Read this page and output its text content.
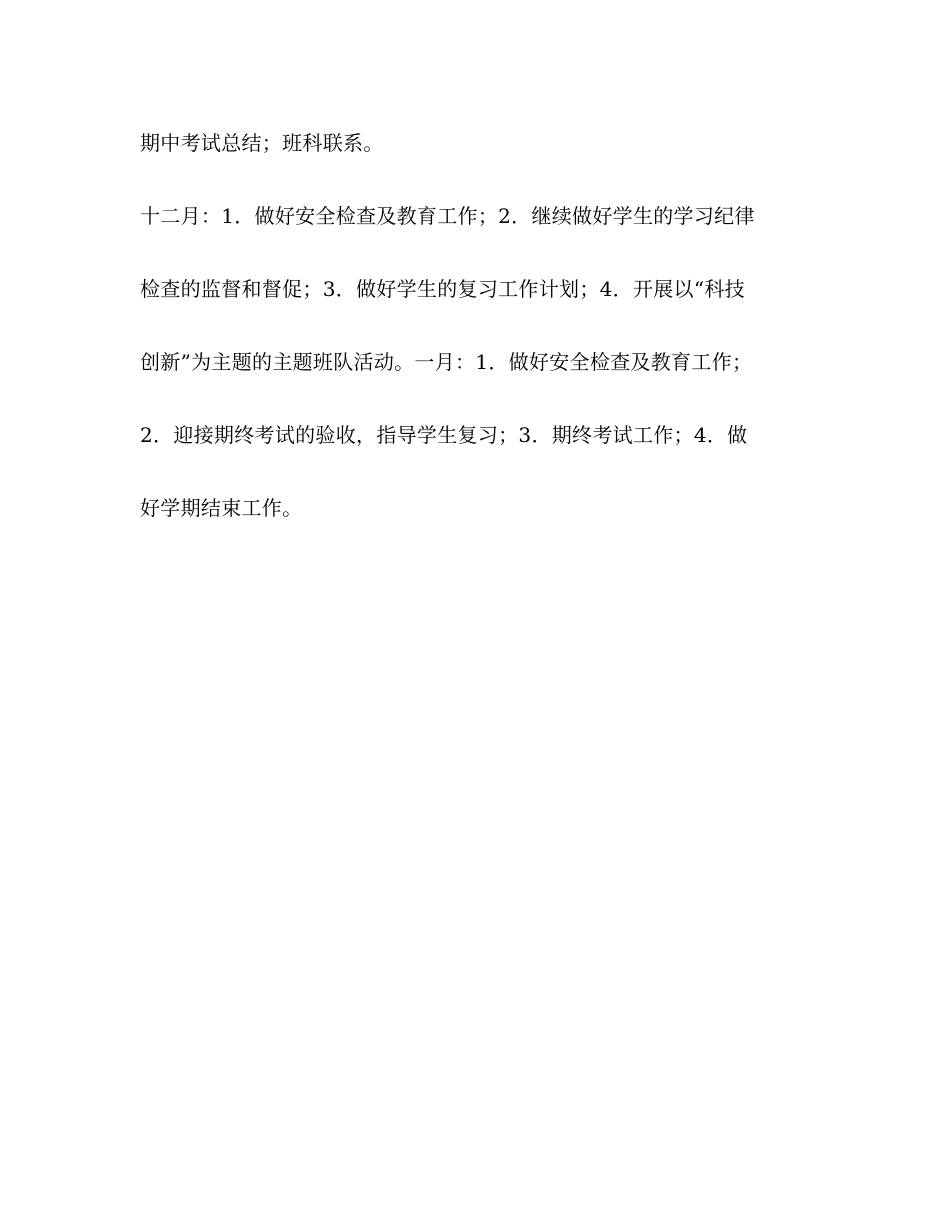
期中考试总结；班科联系。
十二月：1．做好安全检查及教育工作；2．继续做好学生的学习纪律
检查的监督和督促；3．做好学生的复习工作计划；4．开展以“科技
创新”为主题的主题班队活动。一月：1．做好安全检查及教育工作；
2．迎接期终考试的验收，指导学生复习；3．期终考试工作；4．做
好学期结束工作。
